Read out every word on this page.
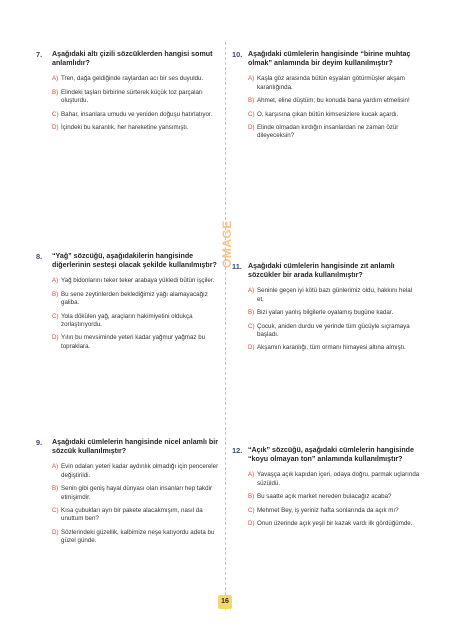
7.	Aşağıdaki altı çizili sözcüklerden hangisi somut anlamlıdır?
A) Tren, dağa geldiğinde raylardan acı bir ses duyuldu.
B) Elindeki taşları birbirine sürterek küçük toz parçaları oluşturdu.
C) Bahar, insanlara umudu ve yeniden doğuşu hatırlatıyor.
D) İçindeki bu karanlık, her hareketine yansımıştı.
8.	“Yağ” sözcüğü, aşağıdakilerin hangisinde diğerlerinin sesteşi olacak şekilde kullanılmıştır?
A) Yağ bidonlarını teker teker arabaya yükledi bütün işçiler.
B) Bu sene zeytinlerden beklediğimiz yağı alamayacağız galiba.
C) Yola dökülen yağ, araçların hakimiyetini oldukça zorlaştırıyordu.
D) Yılın bu mevsiminde yeteri kadar yağmur yağmaz bu topraklara.
9.	Aşağıdaki cümlelerin hangisinde nicel anlamlı bir sözcük kullanılmıştır?
A) Evin odaları yeteri kadar aydınlık olmadığı için pencereler değiştirildi.
B) Senin gibi geniş hayal dünyası olan insanları hep takdir etmişimdir.
C) Kısa çubukları ayrı bir pakete alacakmışım, nasıl da unuttum ben?
D) Sözlerindeki güzellik, kalbimize neşe katıyordu adeta bu güzel günde.
10. Aşağıdaki cümlelerin hangisinde “birine muhtaç olmak” anlamında bir deyim kullanılmıştır?
A) Kaşla göz arasında bütün eşyaları götürmüşler akşam karanlığında.
B) Ahmet, eline düştüm; bu konuda bana yardım etmelisin!
C) O, karşısına çıkan bütün kimsesizlere kucak açardı.
D) Elinde olmadan kırdığın insanlardan ne zaman özür dileyeceksin?
11. Aşağıdaki cümlelerin hangisinde zıt anlamlı sözcükler bir arada kullanılmıştır?
A) Seninle geçen iyi kötü bazı günlerimiz oldu, hakkını helal et.
B) Bizi yalan yanlış bilgilerle oyalamış bugüne kadar.
C) Çocuk, aniden durdu ve yerinde tüm gücüyle sıçramaya başladı.
D) Akşamın karanlığı, tüm ormanı himayesi altına almıştı.
12. “Açık” sözcüğü, aşağıdaki cümlelerin hangisinde “koyu olmayan ton” anlamında kullanılmıştır?
A) Yavaşça açık kapıdan içeri, odaya doğru, parmak uçlarında süzüldü.
B) Bu saatte açık market nereden bulacağız acaba?
C) Mehmet Bey, iş yeriniz hafta sonlarında da açık mı?
D) Onun üzerinde açık yeşil bir kazak vardı ilk gördüğümde.
OMAGE
16
